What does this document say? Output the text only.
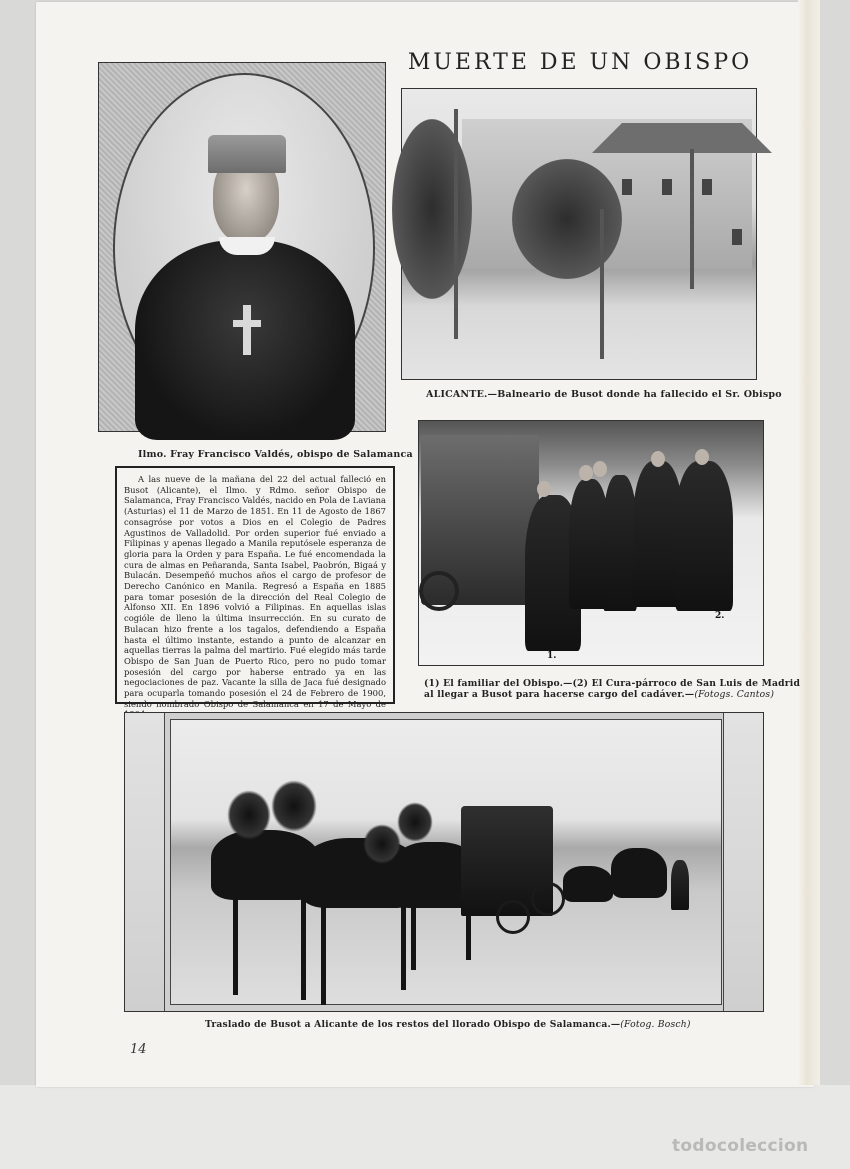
MUERTE DE UN OBISPO
Ilmo. Fray Francisco Valdés, obispo de Salamanca

A las nueve de la mañana del 22 del actual falleció en Busot (Alicante), el Ilmo. y Rdmo. señor Obispo de Salamanca, Fray Francisco Valdés, nacido en Pola de Laviana (Asturias) el 11 de Marzo de 1851. En 11 de Agosto de 1867 consagróse por votos a Dios en el Colegio de Padres Agustinos de Valladolid. Por orden superior fué enviado a Filipinas y apenas llegado a Manila reputósele esperanza de gloria para la Orden y para España. Le fué encomendada la cura de almas en Peñaranda, Santa Isabel, Paobrón, Bigaá y Bulacán. Desempeñó muchos años el cargo de profesor de Derecho Canónico en Manila. Regresó a España en 1885 para tomar posesión de la dirección del Real Colegio de Alfonso XII. En 1896 volvió a Filipinas. En aquellas islas cogióle de lleno la última insurrección. En su curato de Bulacan hizo frente a los tagalos, defendiendo a España hasta el último instante, estando a punto de alcanzar en aquellas tierras la palma del martirio. Fué elegido más tarde Obispo de San Juan de Puerto Rico, pero no pudo tomar posesión del cargo por haberse entrado ya en las negociaciones de paz. Vacante la silla de Jaca fué designado para ocuparla tomando posesión el 24 de Febrero de 1900, siendo nombrado Obispo de Salamanca en 17 de Mayo de

ALICANTE.—Balneario de Busot donde ha fallecido el Sr. Obispo
1.
2.
(1) El familiar del Obispo.—(2) El Cura-párroco de San Luis de Madrid
al llegar a Busot para hacerse cargo del cadáver.—(Fotogs. Cantos)
Traslado de Busot a Alicante de los restos del llorado Obispo de Salamanca.—(Fotog. Bosch)
14
todocoleccion
